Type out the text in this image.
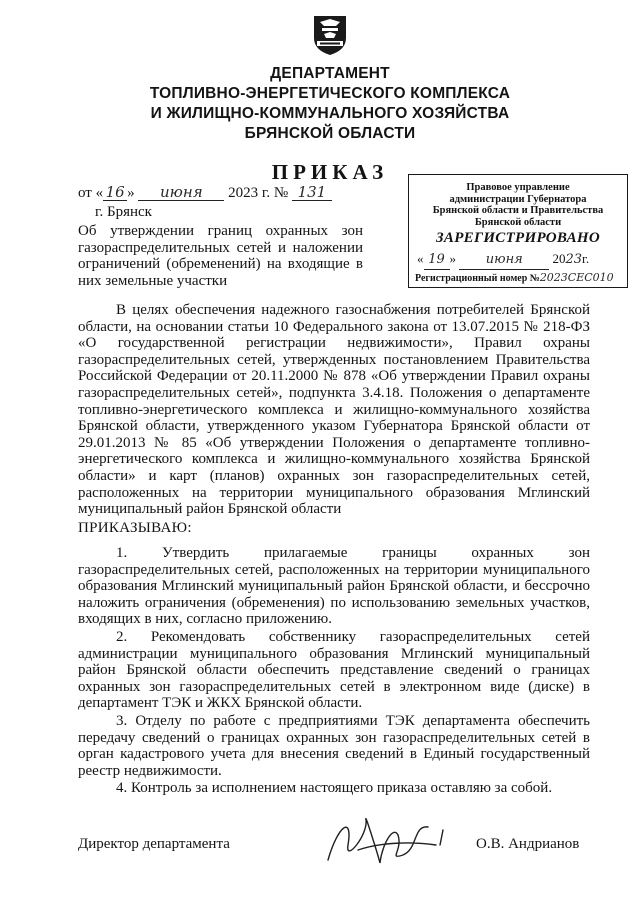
ДЕПАРТАМЕНТ
ТОПЛИВНО-ЭНЕРГЕТИЧЕСКОГО КОМПЛЕКСА
И ЖИЛИЩНО-КОММУНАЛЬНОГО ХОЗЯЙСТВА
БРЯНСКОЙ ОБЛАСТИ
ПРИКАЗ
от « 16 » июня 2023 г. № 131
г. Брянск
Об утверждении границ охранных зон газораспределительных сетей и наложении ограничений (обременений) на входящие в них земельные участки
Правовое управление
администрации Губернатора
Брянской области и Правительства
Брянской области
ЗАРЕГИСТРИРОВАНО
« 19 » июня 2023г.
Регистрационный номер №2023СЕС010

В целях обеспечения надежного газоснабжения потребителей Брянской области, на основании статьи 10 Федерального закона от 13.07.2015 № 218-ФЗ «О государственной регистрации недвижимости», Правил охраны газораспределительных сетей, утвержденных постановлением Правительства Российской Федерации от 20.11.2000 № 878 «Об утверждении Правил охраны газораспределительных сетей», подпункта 3.4.18. Положения о департаменте топливно-энергетического комплекса и жилищно-коммунального хозяйства Брянской области, утвержденного указом Губернатора Брянской области от 29.01.2013 № 85 «Об утверждении Положения о департаменте топливно-энергетического комплекса и жилищно-коммунального хозяйства Брянской области» и карт (планов) охранных зон газораспределительных сетей, расположенных на территории муниципального образования Мглинский муниципальный район Брянской области

ПРИКАЗЫВАЮ:

1. Утвердить прилагаемые границы охранных зон газораспределительных сетей, расположенных на территории муниципального образования Мглинский муниципальный район Брянской области, и бессрочно наложить ограничения (обременения) по использованию земельных участков, входящих в них, согласно приложению.

2. Рекомендовать собственнику газораспределительных сетей администрации муниципального образования Мглинский муниципальный район Брянской области обеспечить представление сведений о границах охранных зон газораспределительных сетей в электронном виде (диске) в департамент ТЭК и ЖКХ Брянской области.

3. Отделу по работе с предприятиями ТЭК департамента обеспечить передачу сведений о границах охранных зон газораспределительных сетей в орган кадастрового учета для внесения сведений в Единый государственный реестр недвижимости.

4. Контроль за исполнением настоящего приказа оставляю за собой.

Директор департамента	О.В. Андрианов
